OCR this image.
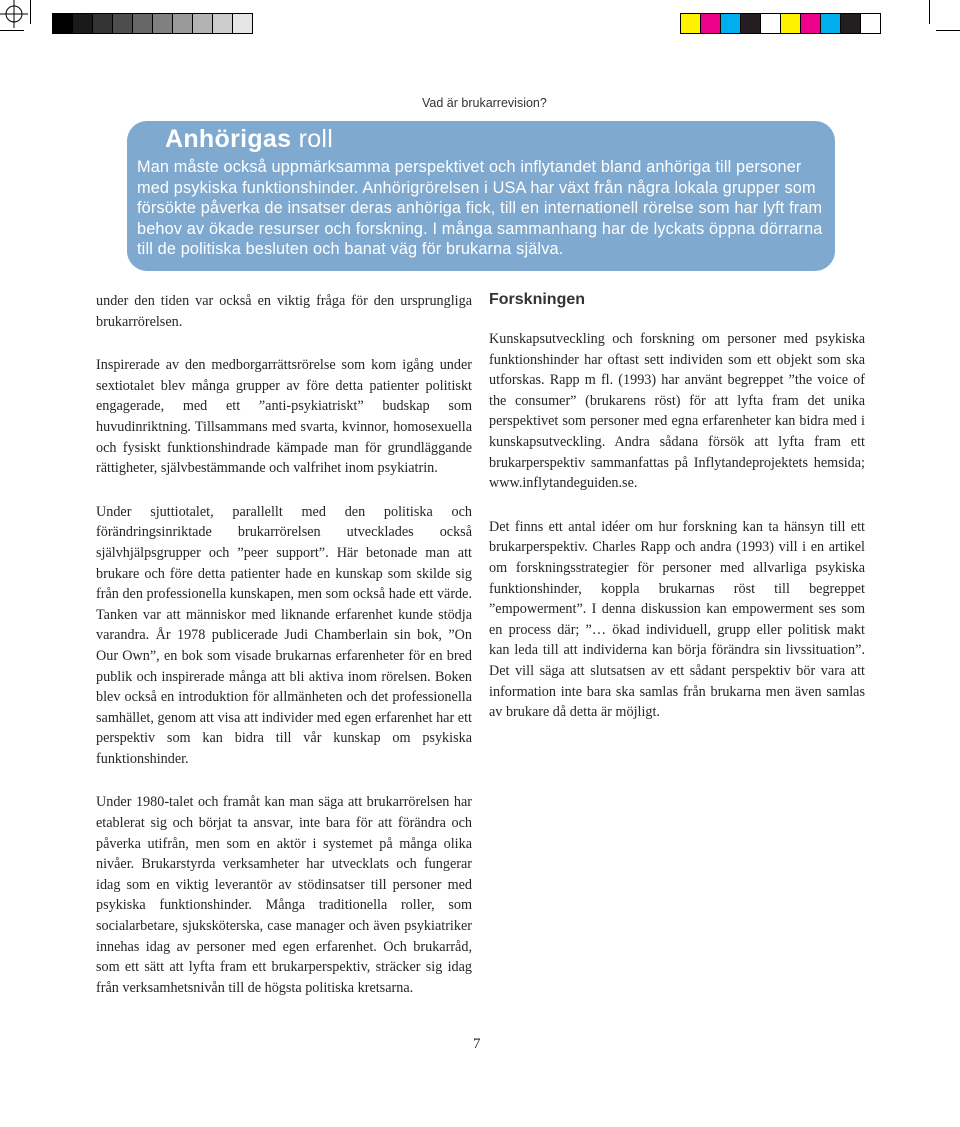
Vad är brukarrevision?
Anhörigas roll

Man måste också uppmärksamma perspektivet och inflytandet bland anhöriga till personer med psykiska funktionshinder. Anhörigrörelsen i USA har växt från några lokala grupper som försökte påverka de insatser deras anhöriga fick, till en internationell rörelse som har lyft fram behov av ökade resurser och forskning. I många sammanhang har de lyckats öppna dörrarna till de politiska besluten och banat väg för brukarna själva.

under den tiden var också en viktig fråga för den ursprungliga brukarrörelsen.

Inspirerade av den medborgarrättsrörelse som kom igång under sextiotalet blev många grupper av före detta patienter politiskt engagerade, med ett ”anti-psykiatriskt” budskap som huvudinriktning. Tillsammans med svarta, kvinnor, homosexuella och fysiskt funktionshindrade kämpade man för grundläggande rättigheter, självbestämmande och valfrihet inom psykiatrin.

Under sjuttiotalet, parallellt med den politiska och förändringsinriktade brukarrörelsen utvecklades också självhjälpsgrupper och ”peer support”. Här betonade man att brukare och före detta patienter hade en kunskap som skilde sig från den professionella kunskapen, men som också hade ett värde. Tanken var att människor med liknande erfarenhet kunde stödja varandra. År 1978 publicerade Judi Chamberlain sin bok, ”On Our Own”, en bok som visade brukarnas erfarenheter för en bred publik och inspirerade många att bli aktiva inom rörelsen. Boken blev också en introduktion för allmänheten och det professionella samhället, genom att visa att individer med egen erfarenhet har ett perspektiv som kan bidra till vår kunskap om psykiska funktionshinder.

Under 1980-talet och framåt kan man säga att brukarrörelsen har etablerat sig och börjat ta ansvar, inte bara för att förändra och påverka utifrån, men som en aktör i systemet på många olika nivåer. Brukarstyrda verksamheter har utvecklats och fungerar idag som en viktig leverantör av stödinsatser till personer med psykiska funktionshinder. Många traditionella roller, som socialarbetare, sjuksköterska, case manager och även psykiatriker innehas idag av personer med egen erfarenhet. Och brukarråd, som ett sätt att lyfta fram ett brukarperspektiv, sträcker sig idag från verksamhetsnivån till de högsta politiska kretsarna.

Forskningen

Kunskapsutveckling och forskning om personer med psykiska funktionshinder har oftast sett individen som ett objekt som ska utforskas. Rapp m fl. (1993) har använt begreppet ”the voice of the consumer” (brukarens röst) för att lyfta fram det unika perspektivet som personer med egna erfarenheter kan bidra med i kunskapsutveckling. Andra sådana försök att lyfta fram ett brukarperspektiv sammanfattas på Inflytandeprojektets hemsida; www.inflytandeguiden.se.

Det finns ett antal idéer om hur forskning kan ta hänsyn till ett brukarperspektiv. Charles Rapp och andra (1993) vill i en artikel om forskningsstrategier för personer med allvarliga psykiska funktionshinder, koppla brukarnas röst till begreppet ”empowerment”. I denna diskussion kan empowerment ses som en process där; ”… ökad individuell, grupp eller politisk makt kan leda till att individerna kan börja förändra sin livssituation”. Det vill säga att slutsatsen av ett sådant perspektiv bör vara att information inte bara ska samlas från brukarna men även samlas av brukare då detta är möjligt.

7
